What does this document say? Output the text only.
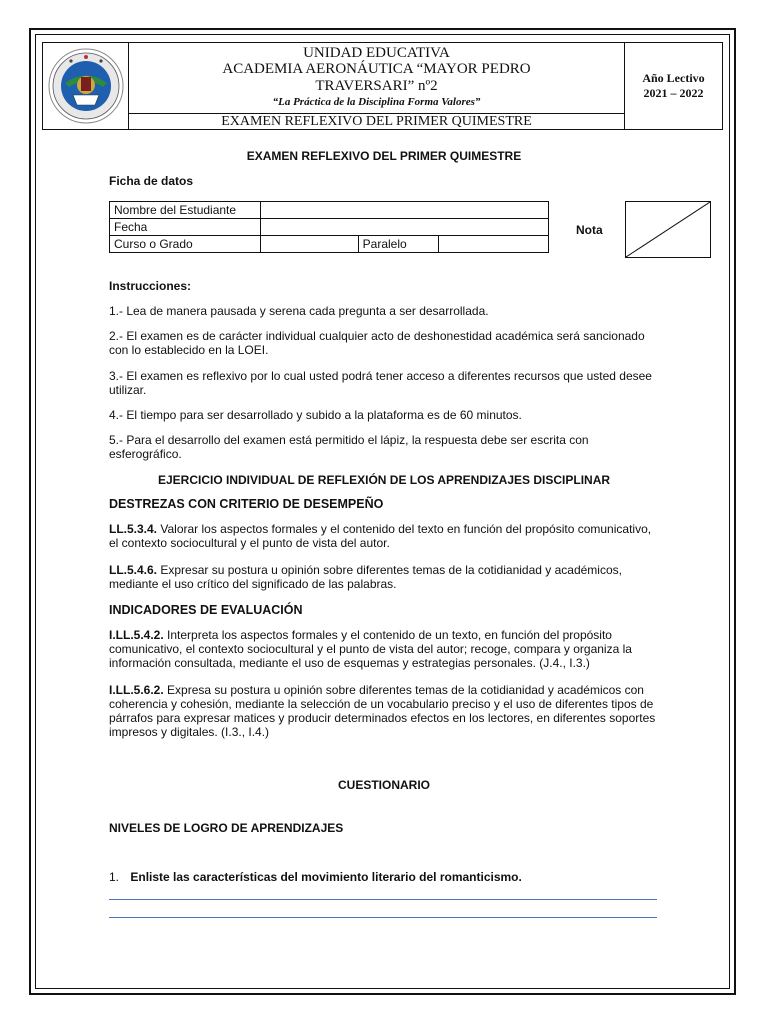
UNIDAD EDUCATIVA
ACADEMIA AERONÁUTICA “MAYOR PEDRO
TRAVERSARI” nº2
“La Práctica de la Disciplina Forma Valores”
EXAMEN REFLEXIVO DEL PRIMER QUIMESTRE
Año Lectivo
2021 – 2022
EXAMEN REFLEXIVO DEL PRIMER QUIMESTRE
Ficha de datos
Nombre del Estudiante			
Fecha			
Curso o Grado		Paralelo	
Nota
Instrucciones:
1.- Lea de manera pausada y serena cada pregunta a ser desarrollada.
2.- El examen es de carácter individual cualquier acto de deshonestidad académica será sancionado con lo establecido en la LOEI.
3.- El examen es reflexivo por lo cual usted podrá tener acceso a diferentes recursos que usted desee utilizar.
4.- El tiempo para ser desarrollado y subido a la plataforma es de 60 minutos.
5.- Para el desarrollo del examen está permitido el lápiz, la respuesta debe ser escrita con esferográfico.
EJERCICIO INDIVIDUAL DE REFLEXIÓN DE LOS APRENDIZAJES DISCIPLINAR
DESTREZAS CON CRITERIO DE DESEMPEÑO
LL.5.3.4. Valorar los aspectos formales y el contenido del texto en función del propósito comunicativo, el contexto sociocultural y el punto de vista del autor.
LL.5.4.6. Expresar su postura u opinión sobre diferentes temas de la cotidianidad y académicos, mediante el uso crítico del significado de las palabras.
INDICADORES DE EVALUACIÓN
I.LL.5.4.2. Interpreta los aspectos formales y el contenido de un texto, en función del propósito comunicativo, el contexto sociocultural y el punto de vista del autor; recoge, compara y organiza la información consultada, mediante el uso de esquemas y estrategias personales. (J.4., I.3.)
I.LL.5.6.2. Expresa su postura u opinión sobre diferentes temas de la cotidianidad y académicos con coherencia y cohesión, mediante la selección de un vocabulario preciso y el uso de diferentes tipos de párrafos para expresar matices y producir determinados efectos en los lectores, en diferentes soportes impresos y digitales. (I.3., I.4.)
CUESTIONARIO
NIVELES DE LOGRO DE APRENDIZAJES
1. Enliste las características del movimiento literario del romanticismo.
